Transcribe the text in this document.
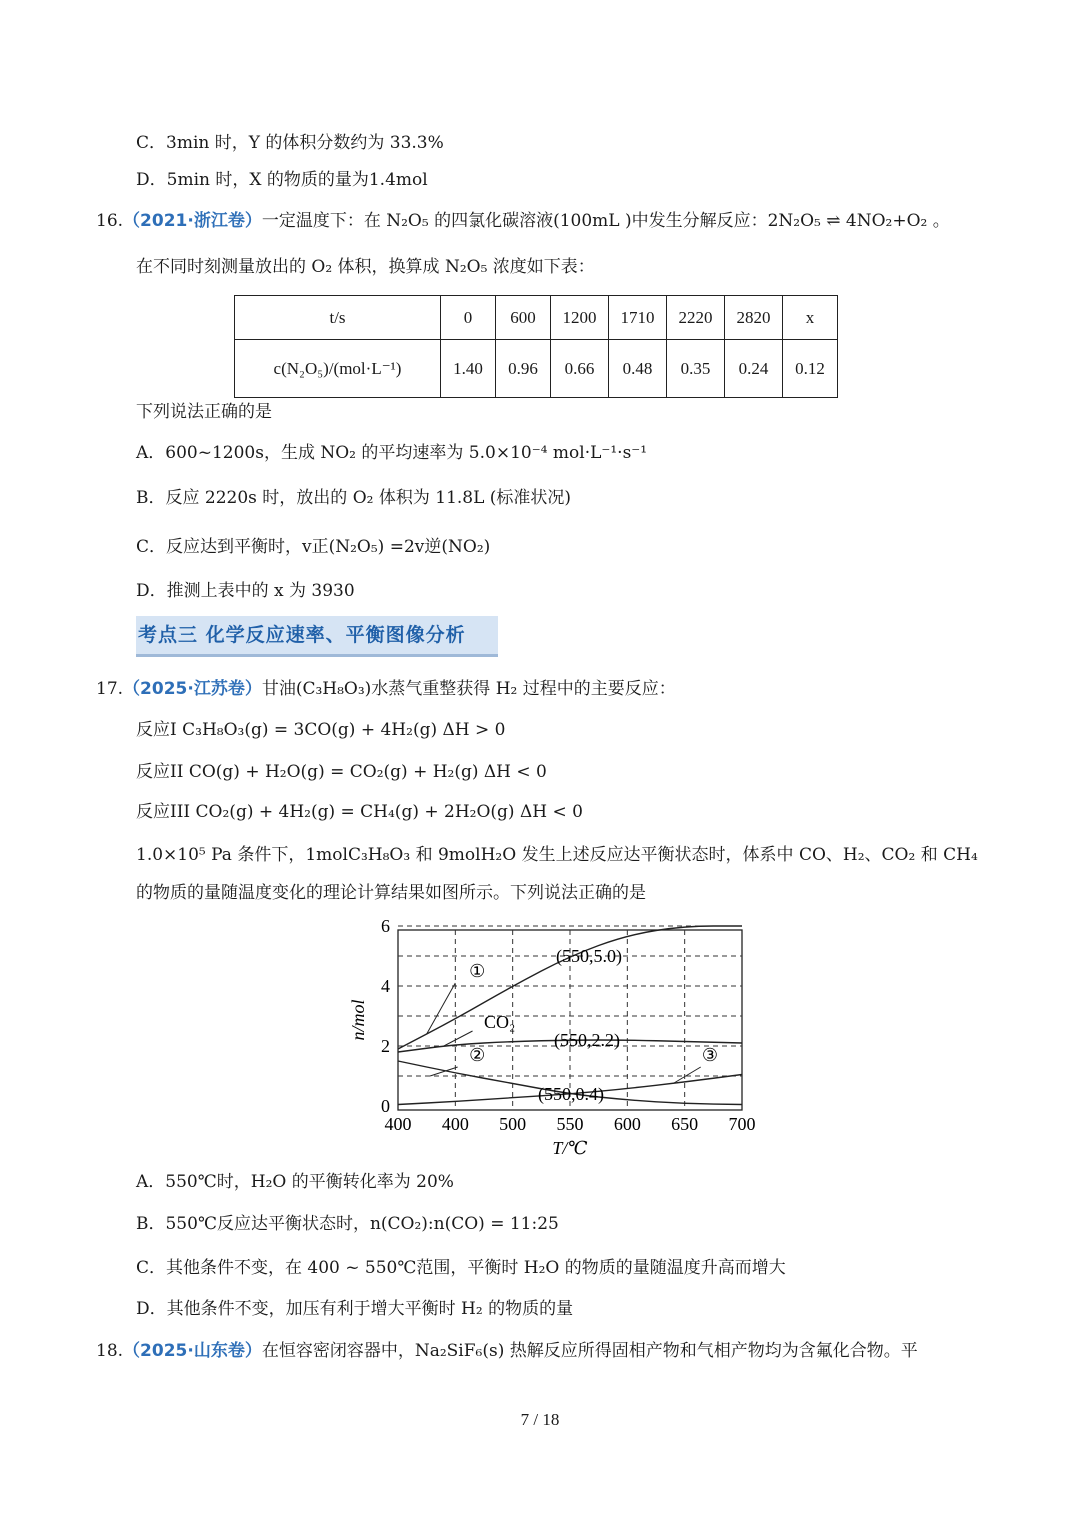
C．3min 时，Y 的体积分数约为 33.3%
D．5min 时，X 的物质的量为1.4mol
16.（2021·浙江卷）一定温度下：在 N₂O₅ 的四氯化碳溶液(100mL )中发生分解反应：2N₂O₅ ⇌ 4NO₂+O₂ 。
在不同时刻测量放出的 O₂ 体积，换算成 N₂O₅ 浓度如下表：
t/s	0	600	1200	1710	2220	2820	x
c(N₂O₅)/(mol·L⁻¹)	1.40	0.96	0.66	0.48	0.35	0.24	0.12
下列说法正确的是
A．600~1200s，生成 NO₂ 的平均速率为 5.0×10⁻⁴ mol·L⁻¹·s⁻¹
B．反应 2220s 时，放出的 O₂ 体积为 11.8L (标准状况)
C．反应达到平衡时，v正(N₂O₅) =2v逆(NO₂)
D．推测上表中的 x 为 3930
考点三 化学反应速率、平衡图像分析
17.（2025·江苏卷）甘油(C₃H₈O₃)水蒸气重整获得 H₂ 过程中的主要反应：
反应I C₃H₈O₃(g) = 3CO(g) + 4H₂(g) ΔH > 0
反应II CO(g) + H₂O(g) = CO₂(g) + H₂(g) ΔH < 0
反应III CO₂(g) + 4H₂(g) = CH₄(g) + 2H₂O(g) ΔH < 0
1.0×10⁵ Pa 条件下，1molC₃H₈O₃ 和 9molH₂O 发生上述反应达平衡状态时，体系中 CO、H₂、CO₂ 和 CH₄
的物质的量随温度变化的理论计算结果如图所示。下列说法正确的是
0
2
4
6
400 400 500 550 600 650 700
T/℃
n/mol
①
CO₂
②	③
(550,5.0)
(550,2.2)
(550,0.4)
A．550℃时，H₂O 的平衡转化率为 20%
B．550℃反应达平衡状态时，n(CO₂):n(CO) = 11:25
C．其他条件不变，在 400 ~ 550℃范围，平衡时 H₂O 的物质的量随温度升高而增大
D．其他条件不变，加压有利于增大平衡时 H₂ 的物质的量
18.（2025·山东卷）在恒容密闭容器中，Na₂SiF₆(s) 热解反应所得固相产物和气相产物均为含氟化合物。平
7 / 18
